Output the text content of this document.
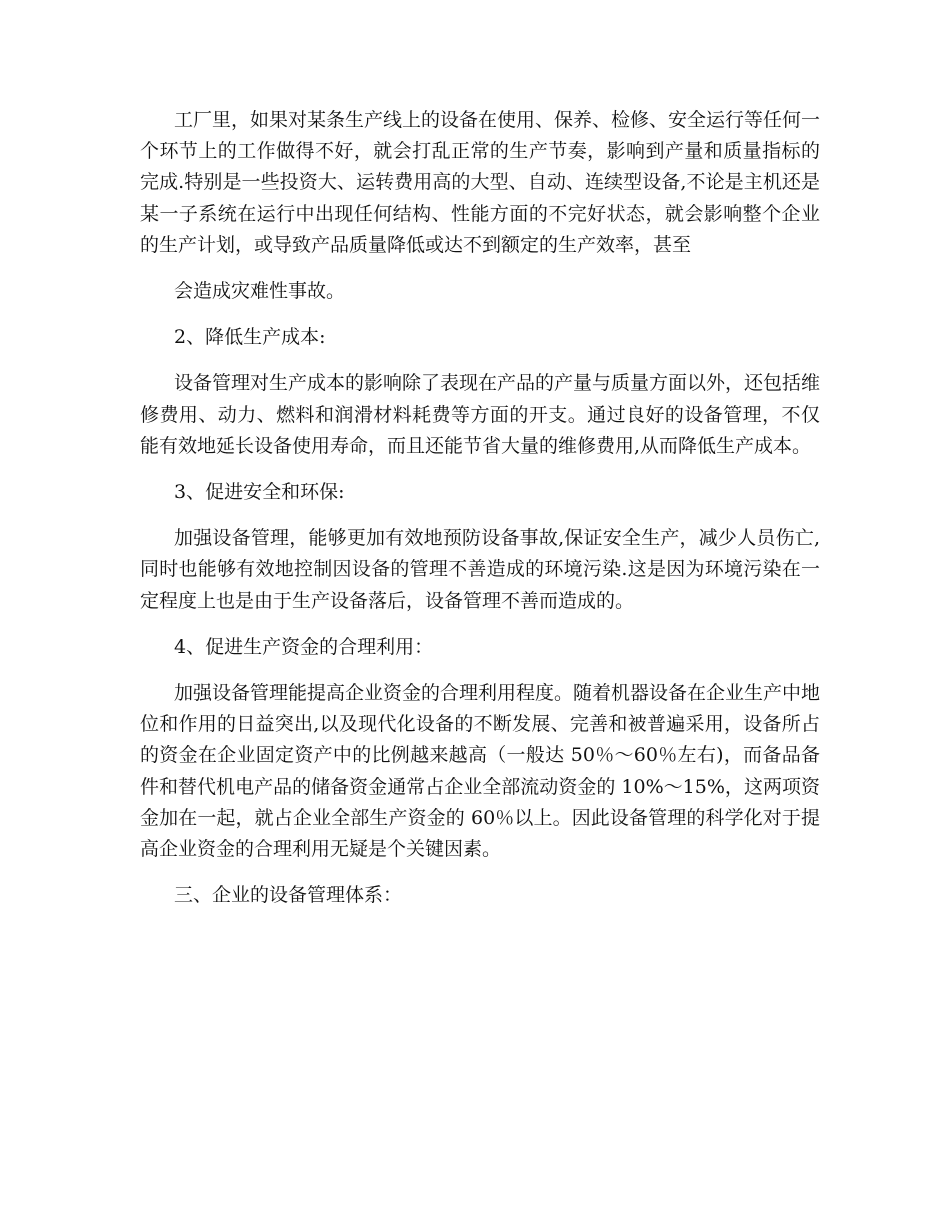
工厂里，如果对某条生产线上的设备在使用、保养、检修、安全运行等任何一个环节上的工作做得不好，就会打乱正常的生产节奏，影响到产量和质量指标的完成.特别是一些投资大、运转费用高的大型、自动、连续型设备,不论是主机还是某一子系统在运行中出现任何结构、性能方面的不完好状态，就会影响整个企业的生产计划，或导致产品质量降低或达不到额定的生产效率，甚至

会造成灾难性事故。

2、降低生产成本:

设备管理对生产成本的影响除了表现在产品的产量与质量方面以外，还包括维修费用、动力、燃料和润滑材料耗费等方面的开支。通过良好的设备管理，不仅能有效地延长设备使用寿命，而且还能节省大量的维修费用,从而降低生产成本。

3、促进安全和环保:

加强设备管理，能够更加有效地预防设备事故,保证安全生产，减少人员伤亡,同时也能够有效地控制因设备的管理不善造成的环境污染.这是因为环境污染在一定程度上也是由于生产设备落后，设备管理不善而造成的。

4、促进生产资金的合理利用：

加强设备管理能提高企业资金的合理利用程度。随着机器设备在企业生产中地位和作用的日益突出,以及现代化设备的不断发展、完善和被普遍采用，设备所占的资金在企业固定资产中的比例越来越高（一般达 50％～60％左右)，而备品备件和替代机电产品的储备资金通常占企业全部流动资金的 10%～15%，这两项资金加在一起，就占企业全部生产资金的 60％以上。因此设备管理的科学化对于提高企业资金的合理利用无疑是个关键因素。

三、企业的设备管理体系：
